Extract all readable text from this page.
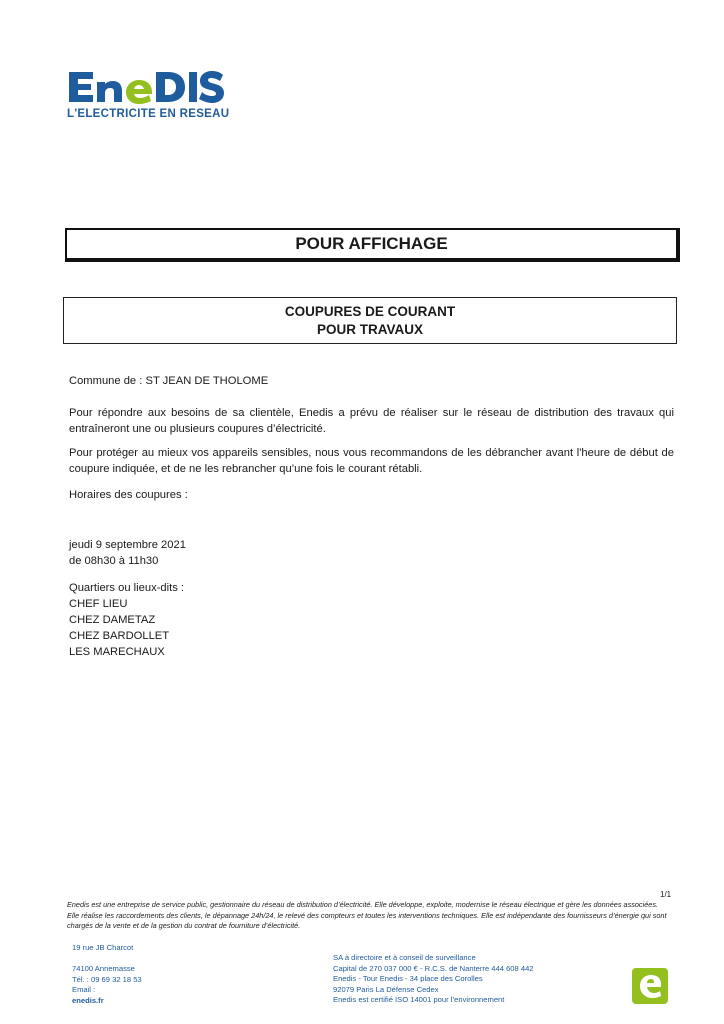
L'ELECTRICITE EN RESEAU
POUR AFFICHAGE
COUPURES DE COURANT
POUR TRAVAUX
Commune de : ST JEAN DE THOLOME
Pour répondre aux besoins de sa clientèle, Enedis a prévu de réaliser sur le réseau de distribution des travaux qui entraîneront une ou plusieurs coupures d’électricité.
Pour protéger au mieux vos appareils sensibles, nous vous recommandons de les débrancher avant l'heure de début de coupure indiquée, et de ne les rebrancher qu’une fois le courant rétabli.
Horaires des coupures :
jeudi 9 septembre 2021
de 08h30 à 11h30
Quartiers ou lieux-dits :
CHEF LIEU
CHEZ DAMETAZ
CHEZ BARDOLLET
LES MARECHAUX
1/1
Enedis est une entreprise de service public, gestionnaire du réseau de distribution d’électricité. Elle développe, exploite, modernise le réseau électrique et gère les données associées. Elle réalise les raccordements des clients, le dépannage 24h/24, le relevé des compteurs et toutes les interventions techniques. Elle est indépendante des fournisseurs d’énergie qui sont chargés de la vente et de la gestion du contrat de fourniture d’électricité.
19 rue JB Charcot
74100 Annemasse
Tél. : 09 69 32 18 53
Email :
enedis.fr
SA à directoire et à conseil de surveillance
Capital de 270 037 000 € - R.C.S. de Nanterre 444 608 442
Enedis - Tour Enedis - 34 place des Corolles
92079 Paris La Défense Cedex
Enedis est certifié ISO 14001 pour l’environnement
